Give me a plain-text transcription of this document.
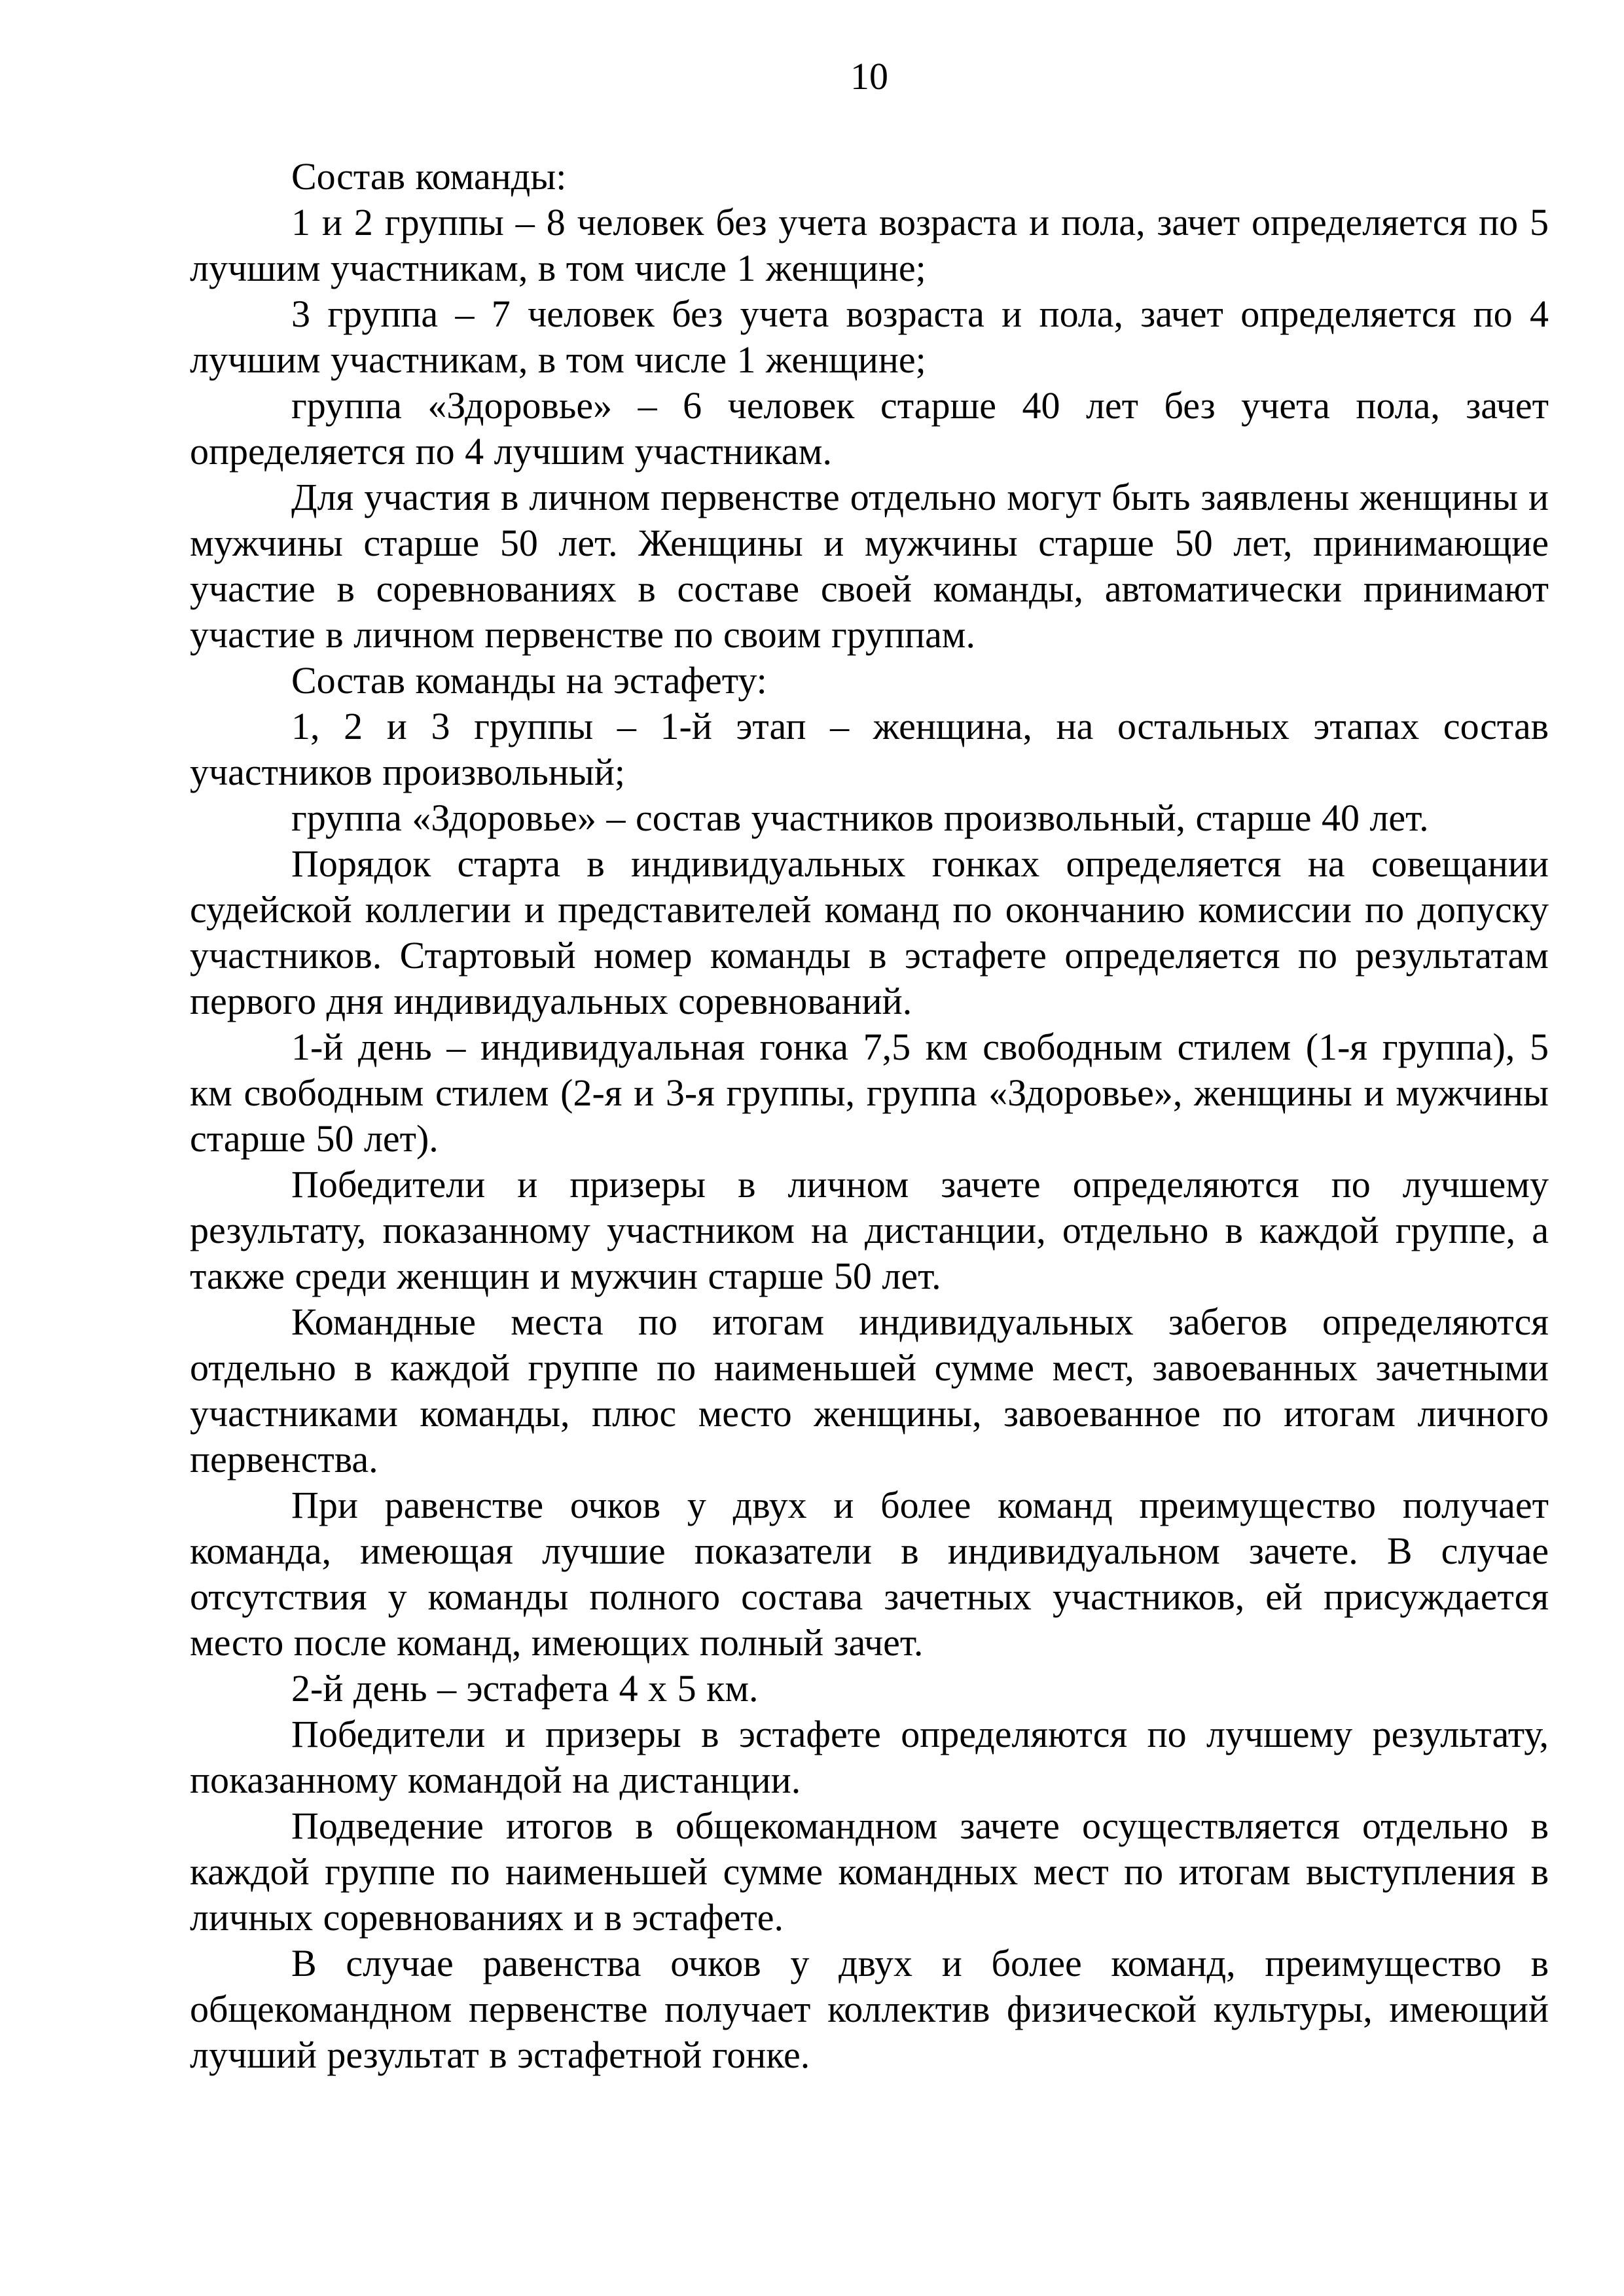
10

Состав команды:

1 и 2 группы – 8 человек без учета возраста и пола, зачет определяется по 5 лучшим участникам, в том числе 1 женщине;

3 группа – 7 человек без учета возраста и пола, зачет определяется по 4 лучшим участникам, в том числе 1 женщине;

группа «Здоровье» – 6 человек старше 40 лет без учета пола, зачет определяется по 4 лучшим участникам.

Для участия в личном первенстве отдельно могут быть заявлены женщины и мужчины старше 50 лет. Женщины и мужчины старше 50 лет, принимающие участие в соревнованиях в составе своей команды, автоматически принимают участие в личном первенстве по своим группам.

Состав команды на эстафету:

1, 2 и 3 группы – 1-й этап – женщина, на остальных этапах состав участников произвольный;

группа «Здоровье» – состав участников произвольный, старше 40 лет.

Порядок старта в индивидуальных гонках определяется на совещании судейской коллегии и представителей команд по окончанию комиссии по допуску участников. Стартовый номер команды в эстафете определяется по результатам первого дня индивидуальных соревнований.

1-й день – индивидуальная гонка 7,5 км свободным стилем (1-я группа), 5 км свободным стилем (2-я и 3-я группы, группа «Здоровье», женщины и мужчины старше 50 лет).

Победители и призеры в личном зачете определяются по лучшему результату, показанному участником на дистанции, отдельно в каждой группе, а также среди женщин и мужчин старше 50 лет.

Командные места по итогам индивидуальных забегов определяются отдельно в каждой группе по наименьшей сумме мест, завоеванных зачетными участниками команды, плюс место женщины, завоеванное по итогам личного первенства.

При равенстве очков у двух и более команд преимущество получает команда, имеющая лучшие показатели в индивидуальном зачете. В случае отсутствия у команды полного состава зачетных участников, ей присуждается место после команд, имеющих полный зачет.

2-й день – эстафета 4 х 5 км.

Победители и призеры в эстафете определяются по лучшему результату, показанному командой на дистанции.

Подведение итогов в общекомандном зачете осуществляется отдельно в каждой группе по наименьшей сумме командных мест по итогам выступления в личных соревнованиях и в эстафете.

В случае равенства очков у двух и более команд, преимущество в общекомандном первенстве получает коллектив физической культуры, имеющий лучший результат в эстафетной гонке.
